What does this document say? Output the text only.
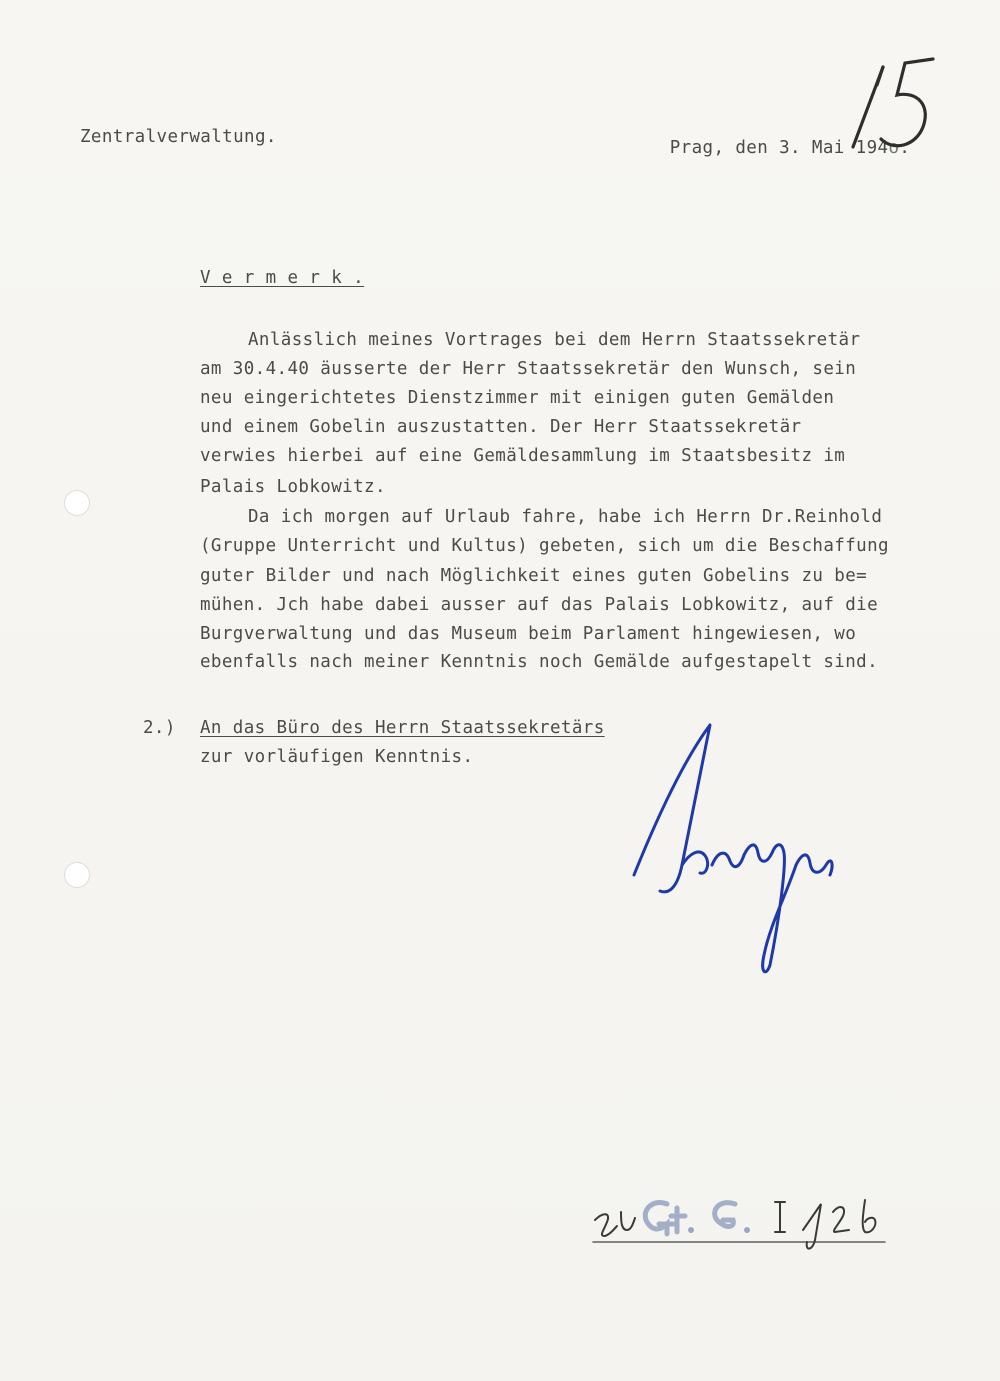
Zentralverwaltung.

Prag, den 3. Mai 194o.

V e r m e r k .
Anlässlich meines Vortrages bei dem Herrn Staatssekretär
am 30.4.40 äusserte der Herr Staatssekretär den Wunsch, sein
neu eingerichtetes Dienstzimmer mit einigen guten Gemälden
und einem Gobelin auszustatten. Der Herr Staatssekretär
verwies hierbei auf eine Gemäldesammlung im Staatsbesitz im
Palais Lobkowitz.
Da ich morgen auf Urlaub fahre, habe ich Herrn Dr.Reinhold
(Gruppe Unterricht und Kultus) gebeten, sich um die Beschaffung
guter Bilder und nach Möglichkeit eines guten Gobelins zu be=
mühen. Jch habe dabei ausser auf das Palais Lobkowitz, auf die
Burgverwaltung und das Museum beim Parlament hingewiesen, wo
ebenfalls nach meiner Kenntnis noch Gemälde aufgestapelt sind.
2.) An das Büro des Herrn Staatssekretärs
zur vorläufigen Kenntnis.
